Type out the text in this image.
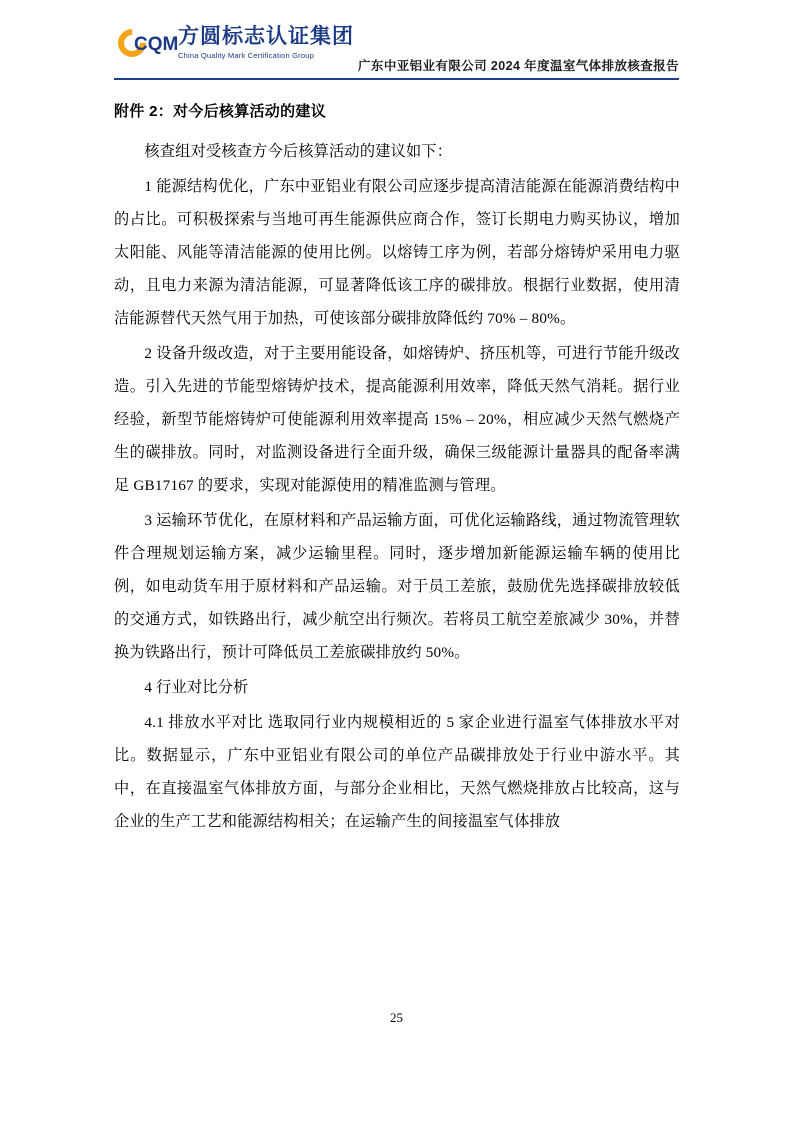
CQM 方圆标志认证集团
China Quality Mark Certification Group
广东中亚铝业有限公司 2024 年度温室气体排放核查报告
附件 2：对今后核算活动的建议

核查组对受核查方今后核算活动的建议如下：

1 能源结构优化，广东中亚铝业有限公司应逐步提高清洁能源在能源消费结构中的占比。可积极探索与当地可再生能源供应商合作，签订长期电力购买协议，增加太阳能、风能等清洁能源的使用比例。以熔铸工序为例，若部分熔铸炉采用电力驱动，且电力来源为清洁能源，可显著降低该工序的碳排放。根据行业数据，使用清洁能源替代天然气用于加热，可使该部分碳排放降低约 70% – 80%。

2 设备升级改造，对于主要用能设备，如熔铸炉、挤压机等，可进行节能升级改造。引入先进的节能型熔铸炉技术，提高能源利用效率，降低天然气消耗。据行业经验，新型节能熔铸炉可使能源利用效率提高 15% – 20%，相应减少天然气燃烧产生的碳排放。同时，对监测设备进行全面升级，确保三级能源计量器具的配备率满足 GB17167 的要求，实现对能源使用的精准监测与管理。

3 运输环节优化，在原材料和产品运输方面，可优化运输路线，通过物流管理软件合理规划运输方案，减少运输里程。同时，逐步增加新能源运输车辆的使用比例，如电动货车用于原材料和产品运输。对于员工差旅，鼓励优先选择碳排放较低的交通方式，如铁路出行，减少航空出行频次。若将员工航空差旅减少 30%，并替换为铁路出行，预计可降低员工差旅碳排放约 50%。

4 行业对比分析

4.1 排放水平对比 选取同行业内规模相近的 5 家企业进行温室气体排放水平对比。数据显示，广东中亚铝业有限公司的单位产品碳排放处于行业中游水平。其中，在直接温室气体排放方面，与部分企业相比，天然气燃烧排放占比较高，这与企业的生产工艺和能源结构相关；在运输产生的间接温室气体排放

25
